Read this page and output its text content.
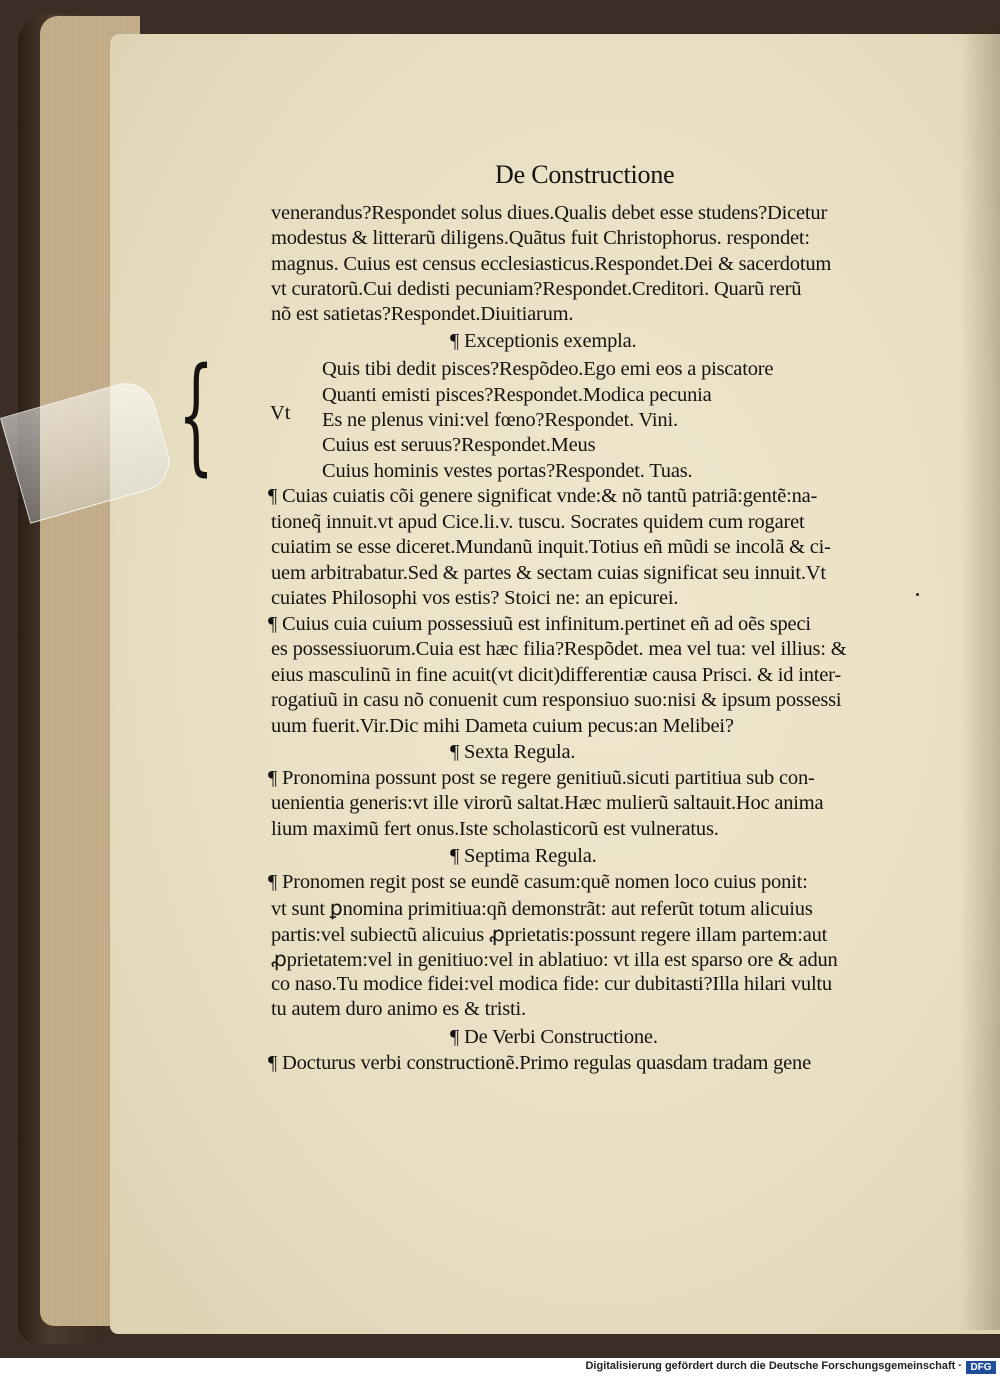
De Constructione
venerandus?Respondet solus diues.Qualis debet esse studens?Dicetur
modestus & litterarũ diligens.Quãtus fuit Christophorus. respondet:
magnus. Cuius est census ecclesiasticus.Respondet.Dei & sacerdotum
vt curatorũ.Cui dedisti pecuniam?Respondet.Creditori. Quarũ rerũ
nõ est satietas?Respondet.Diuitiarum.
¶ Exceptionis exempla.
Quis tibi dedit pisces?Respõdeo.Ego emi eos a piscatore
Quanti emisti pisces?Respondet.Modica pecunia
Es ne plenus vini:vel fœno?Respondet. Vini.
Cuius est seruus?Respondet.Meus
Cuius hominis vestes portas?Respondet. Tuas.
¶ Cuias cuiatis cõi genere significat vnde:& nõ tantũ patriã:gentẽ:na-
tioneq̃ innuit.vt apud Cice.li.v. tuscu. Socrates quidem cum rogaret
cuiatim se esse diceret.Mundanũ inquit.Totius eñ mũdi se incolã & ci-
uem arbitrabatur.Sed & partes & sectam cuias significat seu innuit.Vt
cuiates Philosophi vos estis? Stoici ne: an epicurei.
¶ Cuius cuia cuium possessiuũ est infinitum.pertinet eñ ad oẽs speci
es possessiuorum.Cuia est hæc filia?Respõdet. mea vel tua: vel illius: &
eius masculinũ in fine acuit(vt dicit)differentiæ causa Prisci. & id inter-
rogatiuũ in casu nõ conuenit cum responsiuo suo:nisi & ipsum possessi
uum fuerit.Vir.Dic mihi Dameta cuium pecus:an Melibei?
¶ Sexta Regula.
¶ Pronomina possunt post se regere genitiuũ.sicuti partitiua sub con-
uenientia generis:vt ille virorũ saltat.Hæc mulierũ saltauit.Hoc anima
lium maximũ fert onus.Iste scholasticorũ est vulneratus.
¶ Septima Regula.
¶ Pronomen regit post se eundẽ casum:quẽ nomen loco cuius ponit:
vt sunt ꝑnomina primitiua:qñ demonstrãt: aut referũt totum alicuius
partis:vel subiectũ alicuius ꝓprietatis:possunt regere illam partem:aut
ꝓprietatem:vel in genitiuo:vel in ablatiuo: vt illa est sparso ore & adun
co naso.Tu modice fidei:vel modica fide: cur dubitasti?Illa hilari vultu
tu autem duro animo es & tristi.
¶ De Verbi Constructione.
¶ Docturus verbi constructionẽ.Primo regulas quasdam tradam gene
{	Vt
Digitalisierung gefördert durch die Deutsche Forschungsgemeinschaft · DFG
